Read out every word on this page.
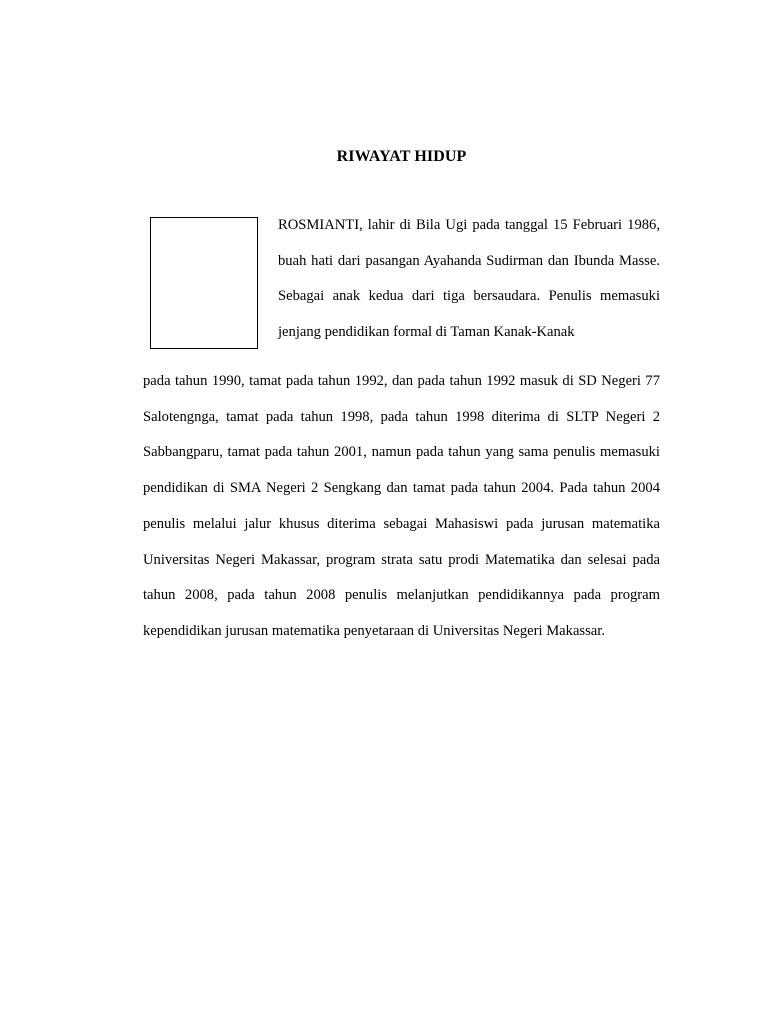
RIWAYAT HIDUP

ROSMIANTI, lahir di Bila Ugi pada tanggal 15 Februari 1986, buah hati dari pasangan Ayahanda Sudirman dan Ibunda Masse. Sebagai anak kedua dari tiga bersaudara. Penulis memasuki jenjang pendidikan formal di Taman Kanak-Kanak

pada tahun 1990, tamat pada tahun 1992, dan pada tahun 1992 masuk di SD Negeri 77 Salotengnga, tamat pada tahun 1998, pada tahun 1998 diterima di SLTP Negeri 2 Sabbangparu, tamat pada tahun 2001, namun pada tahun yang sama penulis memasuki pendidikan di SMA Negeri 2 Sengkang dan tamat pada tahun 2004. Pada tahun 2004 penulis melalui jalur khusus diterima sebagai Mahasiswi pada jurusan matematika Universitas Negeri Makassar, program strata satu prodi Matematika dan selesai pada tahun 2008, pada tahun 2008 penulis melanjutkan pendidikannya pada program kependidikan jurusan matematika penyetaraan di Universitas Negeri Makassar.
